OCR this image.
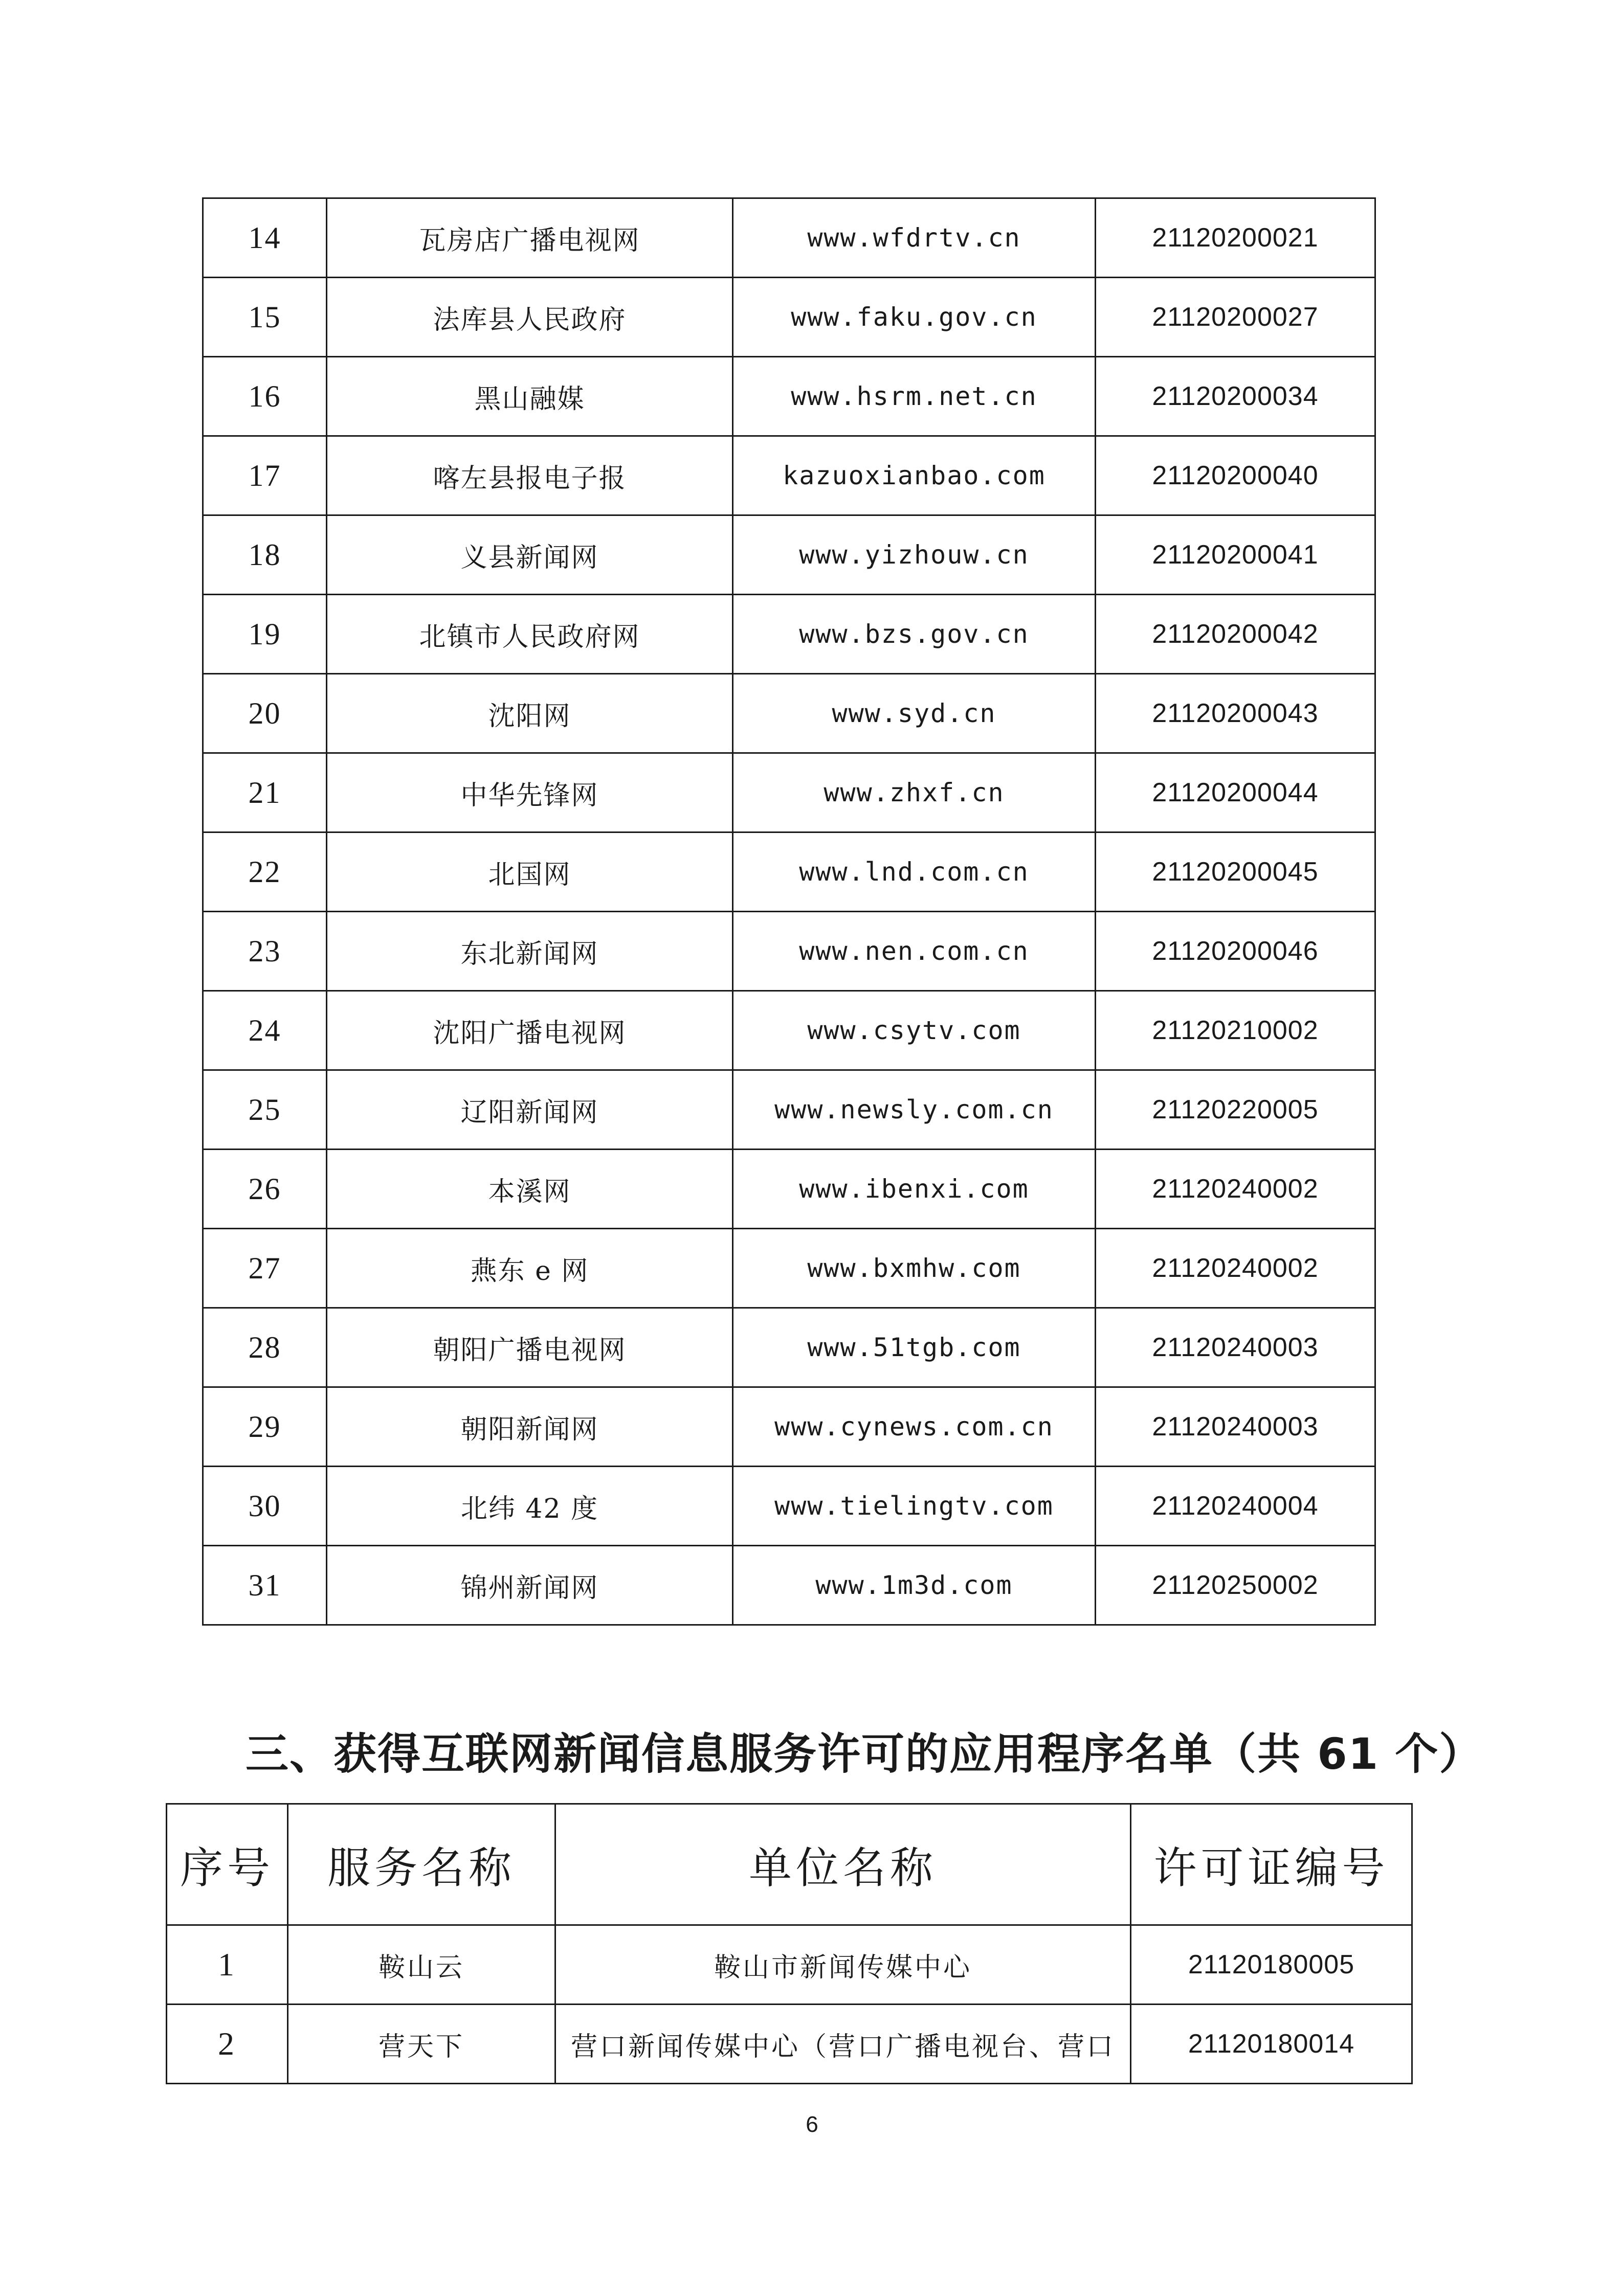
14	瓦房店广播电视网	www.wfdrtv.cn	21120200021
15	法库县人民政府	www.faku.gov.cn	21120200027
16	黑山融媒	www.hsrm.net.cn	21120200034
17	喀左县报电子报	kazuoxianbao.com	21120200040
18	义县新闻网	www.yizhouw.cn	21120200041
19	北镇市人民政府网	www.bzs.gov.cn	21120200042
20	沈阳网	www.syd.cn	21120200043
21	中华先锋网	www.zhxf.cn	21120200044
22	北国网	www.lnd.com.cn	21120200045
23	东北新闻网	www.nen.com.cn	21120200046
24	沈阳广播电视网	www.csytv.com	21120210002
25	辽阳新闻网	www.newsly.com.cn	21120220005
26	本溪网	www.ibenxi.com	21120240002
27	燕东 e 网	www.bxmhw.com	21120240002
28	朝阳广播电视网	www.51tgb.com	21120240003
29	朝阳新闻网	www.cynews.com.cn	21120240003
30	北纬 42 度	www.tielingtv.com	21120240004
31	锦州新闻网	www.1m3d.com	21120250002
三、获得互联网新闻信息服务许可的应用程序名单（共 61 个）
序号	服务名称	单位名称	许可证编号
1	鞍山云	鞍山市新闻传媒中心	21120180005
2	营天下	营口新闻传媒中心（营口广播电视台、营口	21120180014
6
